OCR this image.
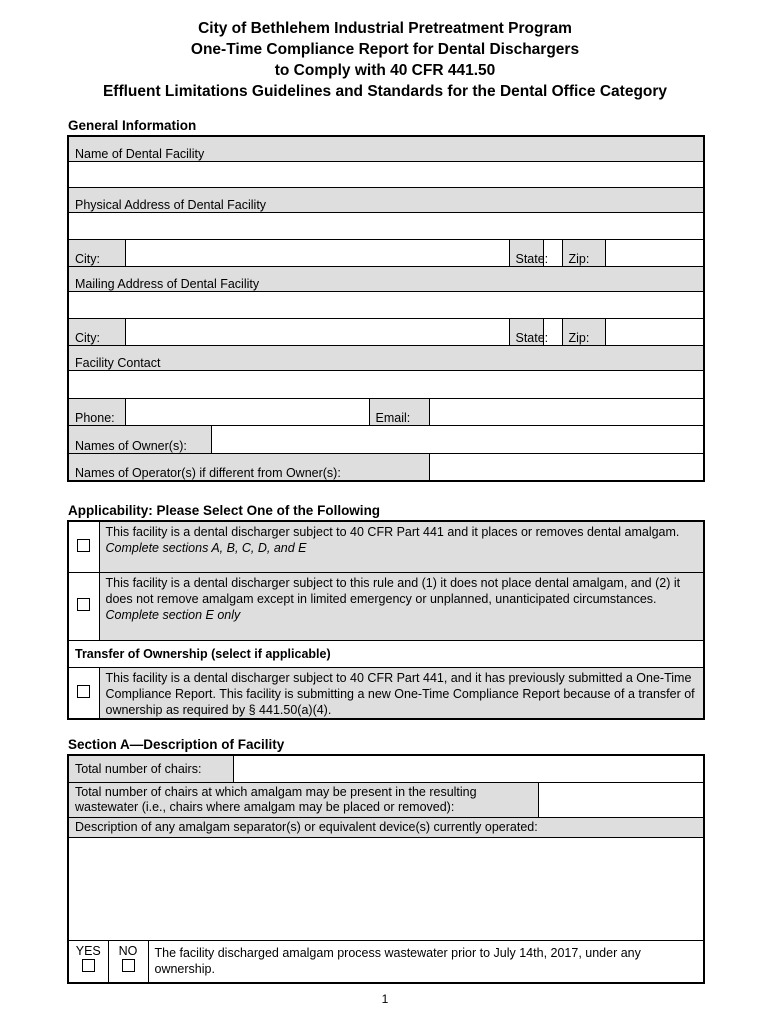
City of Bethlehem Industrial Pretreatment Program
One-Time Compliance Report for Dental Dischargers
to Comply with 40 CFR 441.50
Effluent Limitations Guidelines and Standards for the Dental Office Category
General Information
Name of Dental Facility								

Physical Address of Dental Facility								

City:					State:		Zip:	
Mailing Address of Dental Facility								

City:					State:		Zip:	
Facility Contact								

Phone:			Email:					
Names of Owner(s):								
Names of Operator(s) if different from Owner(s):								
Applicability: Please Select One of the Following
	This facility is a dental discharger subject to 40 CFR Part 441 and it places or removes dental amalgam.
Complete sections A, B, C, D, and E
	This facility is a dental discharger subject to this rule and (1) it does not place dental amalgam, and (2) it does not remove amalgam except in limited emergency or unplanned, unanticipated circumstances.
Complete section E only
Transfer of Ownership (select if applicable)	
	This facility is a dental discharger subject to 40 CFR Part 441, and it has previously submitted a One-Time Compliance Report. This facility is submitting a new One-Time Compliance Report because of a transfer of ownership as required by § 441.50(a)(4).
Section A—Description of Facility
Total number of chairs:				
Total number of chairs at which amalgam may be present in the resulting wastewater (i.e., chairs where amalgam may be placed or removed):				
Description of any amalgam separator(s) or equivalent device(s) currently operated:				

YES	NO	The facility discharged amalgam process wastewater prior to July 14th, 2017, under any ownership.		
1
